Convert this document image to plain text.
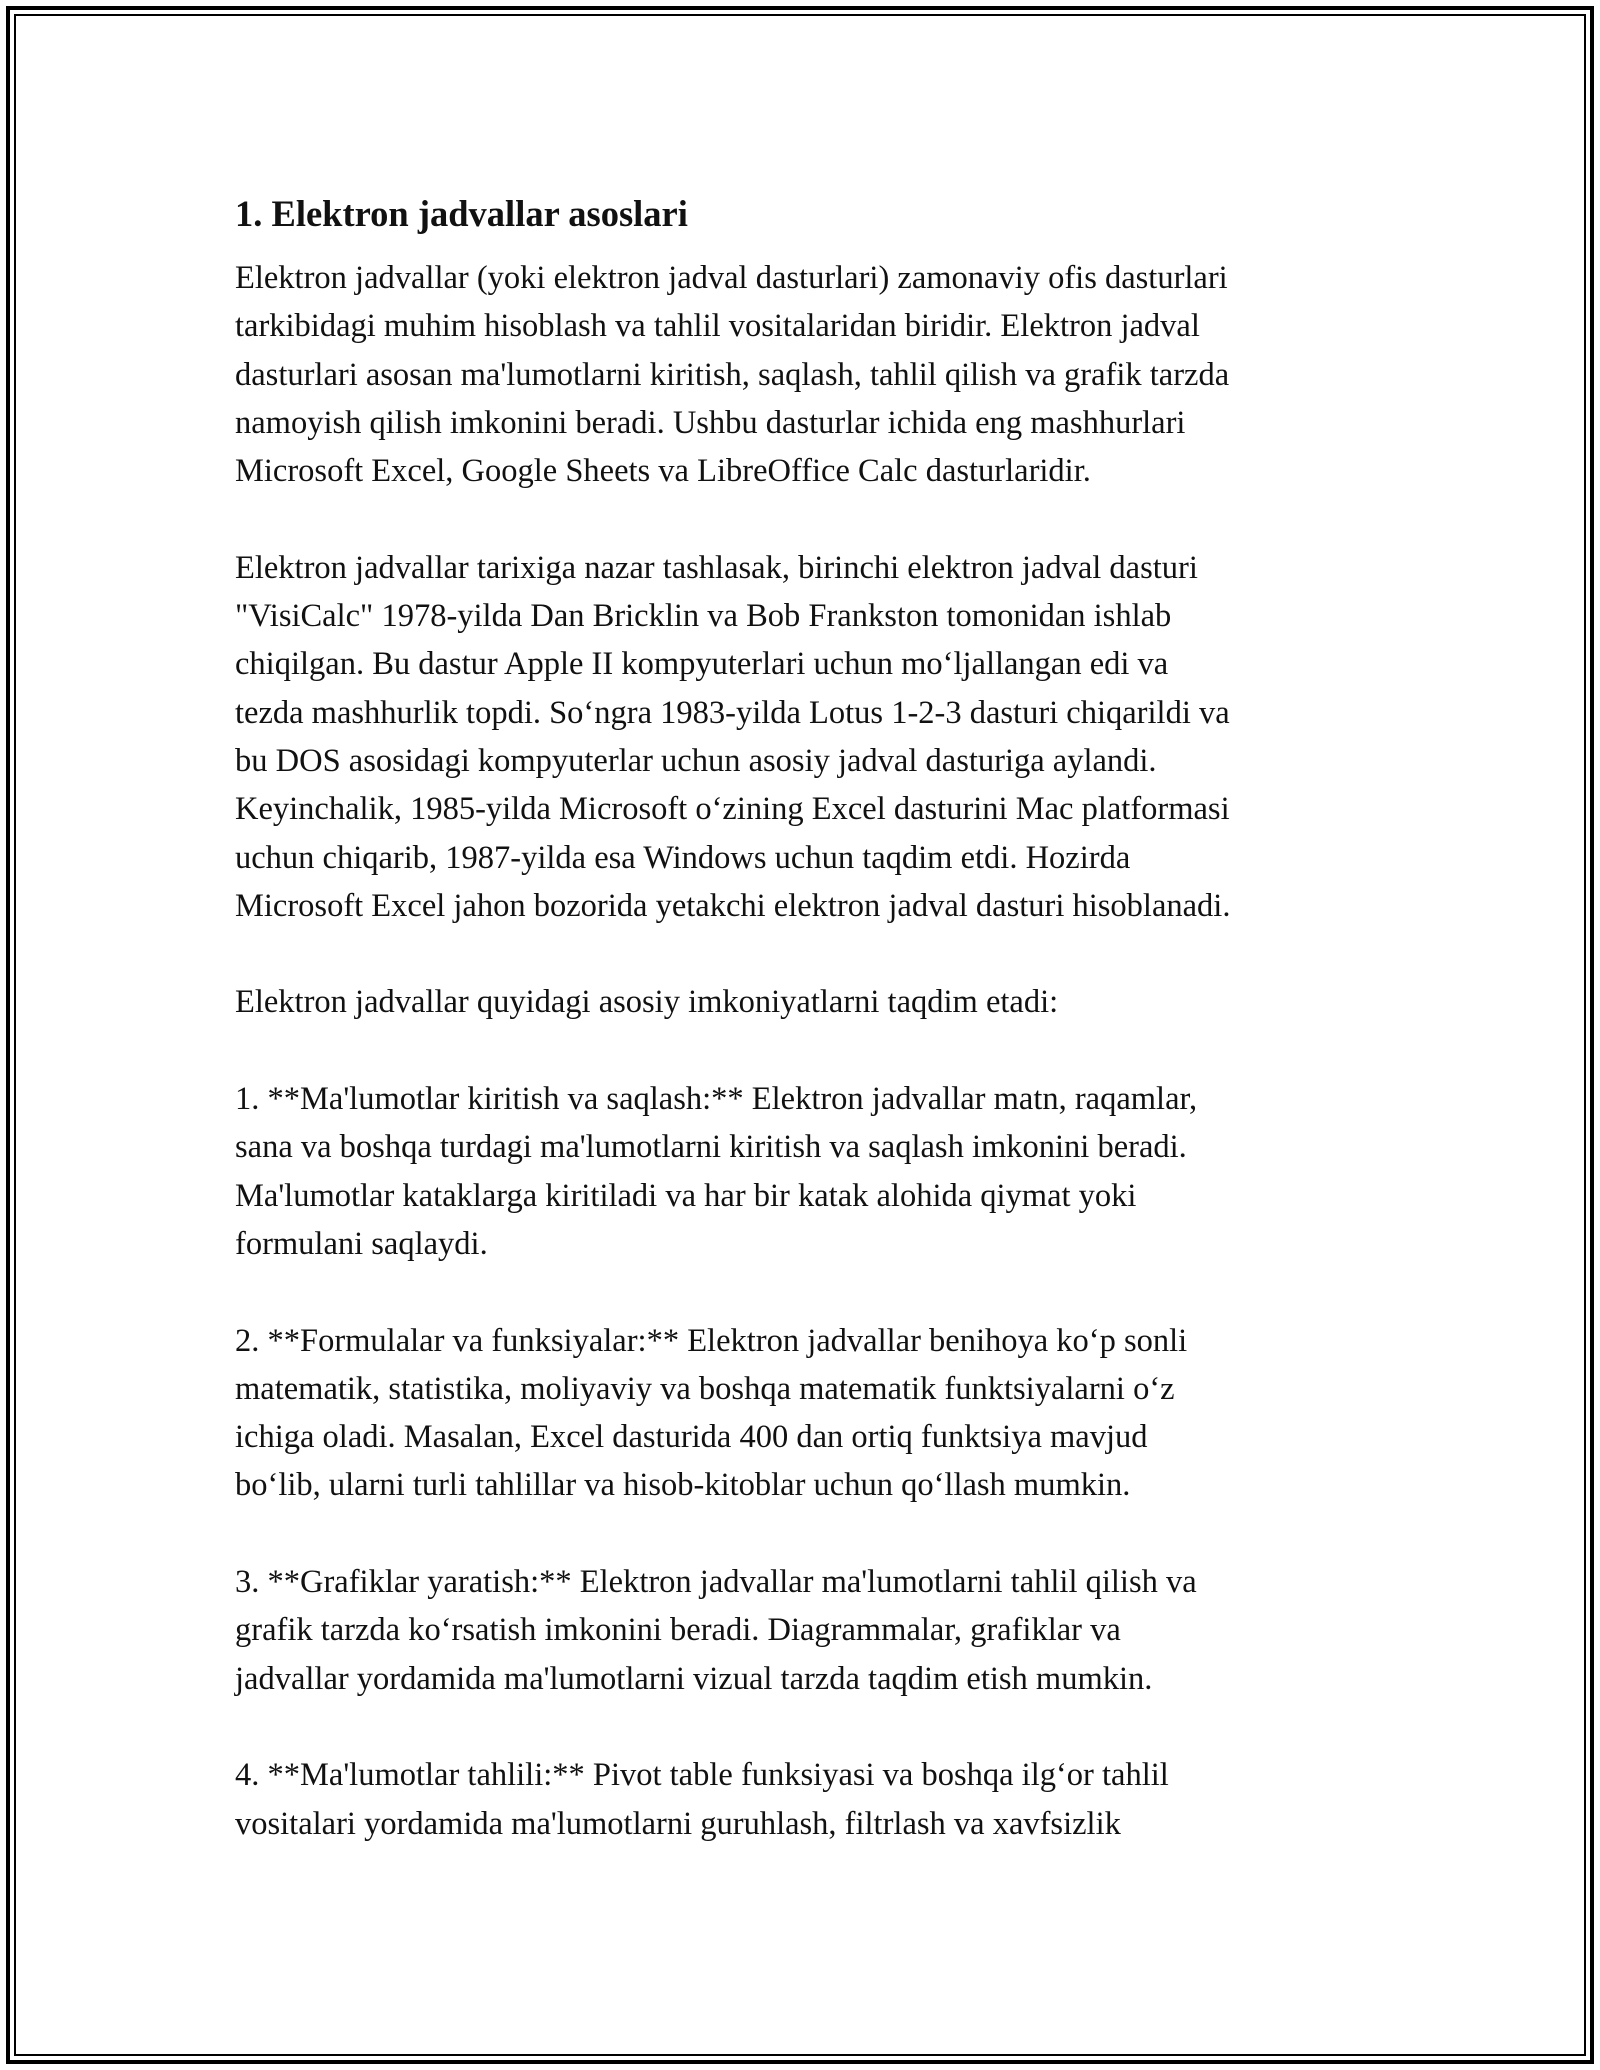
1. Elektron jadvallar asoslari

Elektron jadvallar (yoki elektron jadval dasturlari) zamonaviy ofis dasturlari
tarkibidagi muhim hisoblash va tahlil vositalaridan biridir. Elektron jadval
dasturlari asosan ma'lumotlarni kiritish, saqlash, tahlil qilish va grafik tarzda
namoyish qilish imkonini beradi. Ushbu dasturlar ichida eng mashhurlari
Microsoft Excel, Google Sheets va LibreOffice Calc dasturlaridir.

Elektron jadvallar tarixiga nazar tashlasak, birinchi elektron jadval dasturi
"VisiCalc" 1978-yilda Dan Bricklin va Bob Frankston tomonidan ishlab
chiqilgan. Bu dastur Apple II kompyuterlari uchun moʻljallangan edi va
tezda mashhurlik topdi. Soʻngra 1983-yilda Lotus 1-2-3 dasturi chiqarildi va
bu DOS asosidagi kompyuterlar uchun asosiy jadval dasturiga aylandi.
Keyinchalik, 1985-yilda Microsoft oʻzining Excel dasturini Mac platformasi
uchun chiqarib, 1987-yilda esa Windows uchun taqdim etdi. Hozirda
Microsoft Excel jahon bozorida yetakchi elektron jadval dasturi hisoblanadi.

Elektron jadvallar quyidagi asosiy imkoniyatlarni taqdim etadi:

1. **Ma'lumotlar kiritish va saqlash:** Elektron jadvallar matn, raqamlar,
sana va boshqa turdagi ma'lumotlarni kiritish va saqlash imkonini beradi.
Ma'lumotlar kataklarga kiritiladi va har bir katak alohida qiymat yoki
formulani saqlaydi.

2. **Formulalar va funksiyalar:** Elektron jadvallar benihoya koʻp sonli
matematik, statistika, moliyaviy va boshqa matematik funktsiyalarni oʻz
ichiga oladi. Masalan, Excel dasturida 400 dan ortiq funktsiya mavjud
boʻlib, ularni turli tahlillar va hisob-kitoblar uchun qoʻllash mumkin.

3. **Grafiklar yaratish:** Elektron jadvallar ma'lumotlarni tahlil qilish va
grafik tarzda koʻrsatish imkonini beradi. Diagrammalar, grafiklar va
jadvallar yordamida ma'lumotlarni vizual tarzda taqdim etish mumkin.

4. **Ma'lumotlar tahlili:** Pivot table funksiyasi va boshqa ilgʻor tahlil
vositalari yordamida ma'lumotlarni guruhlash, filtrlash va xavfsizlik
